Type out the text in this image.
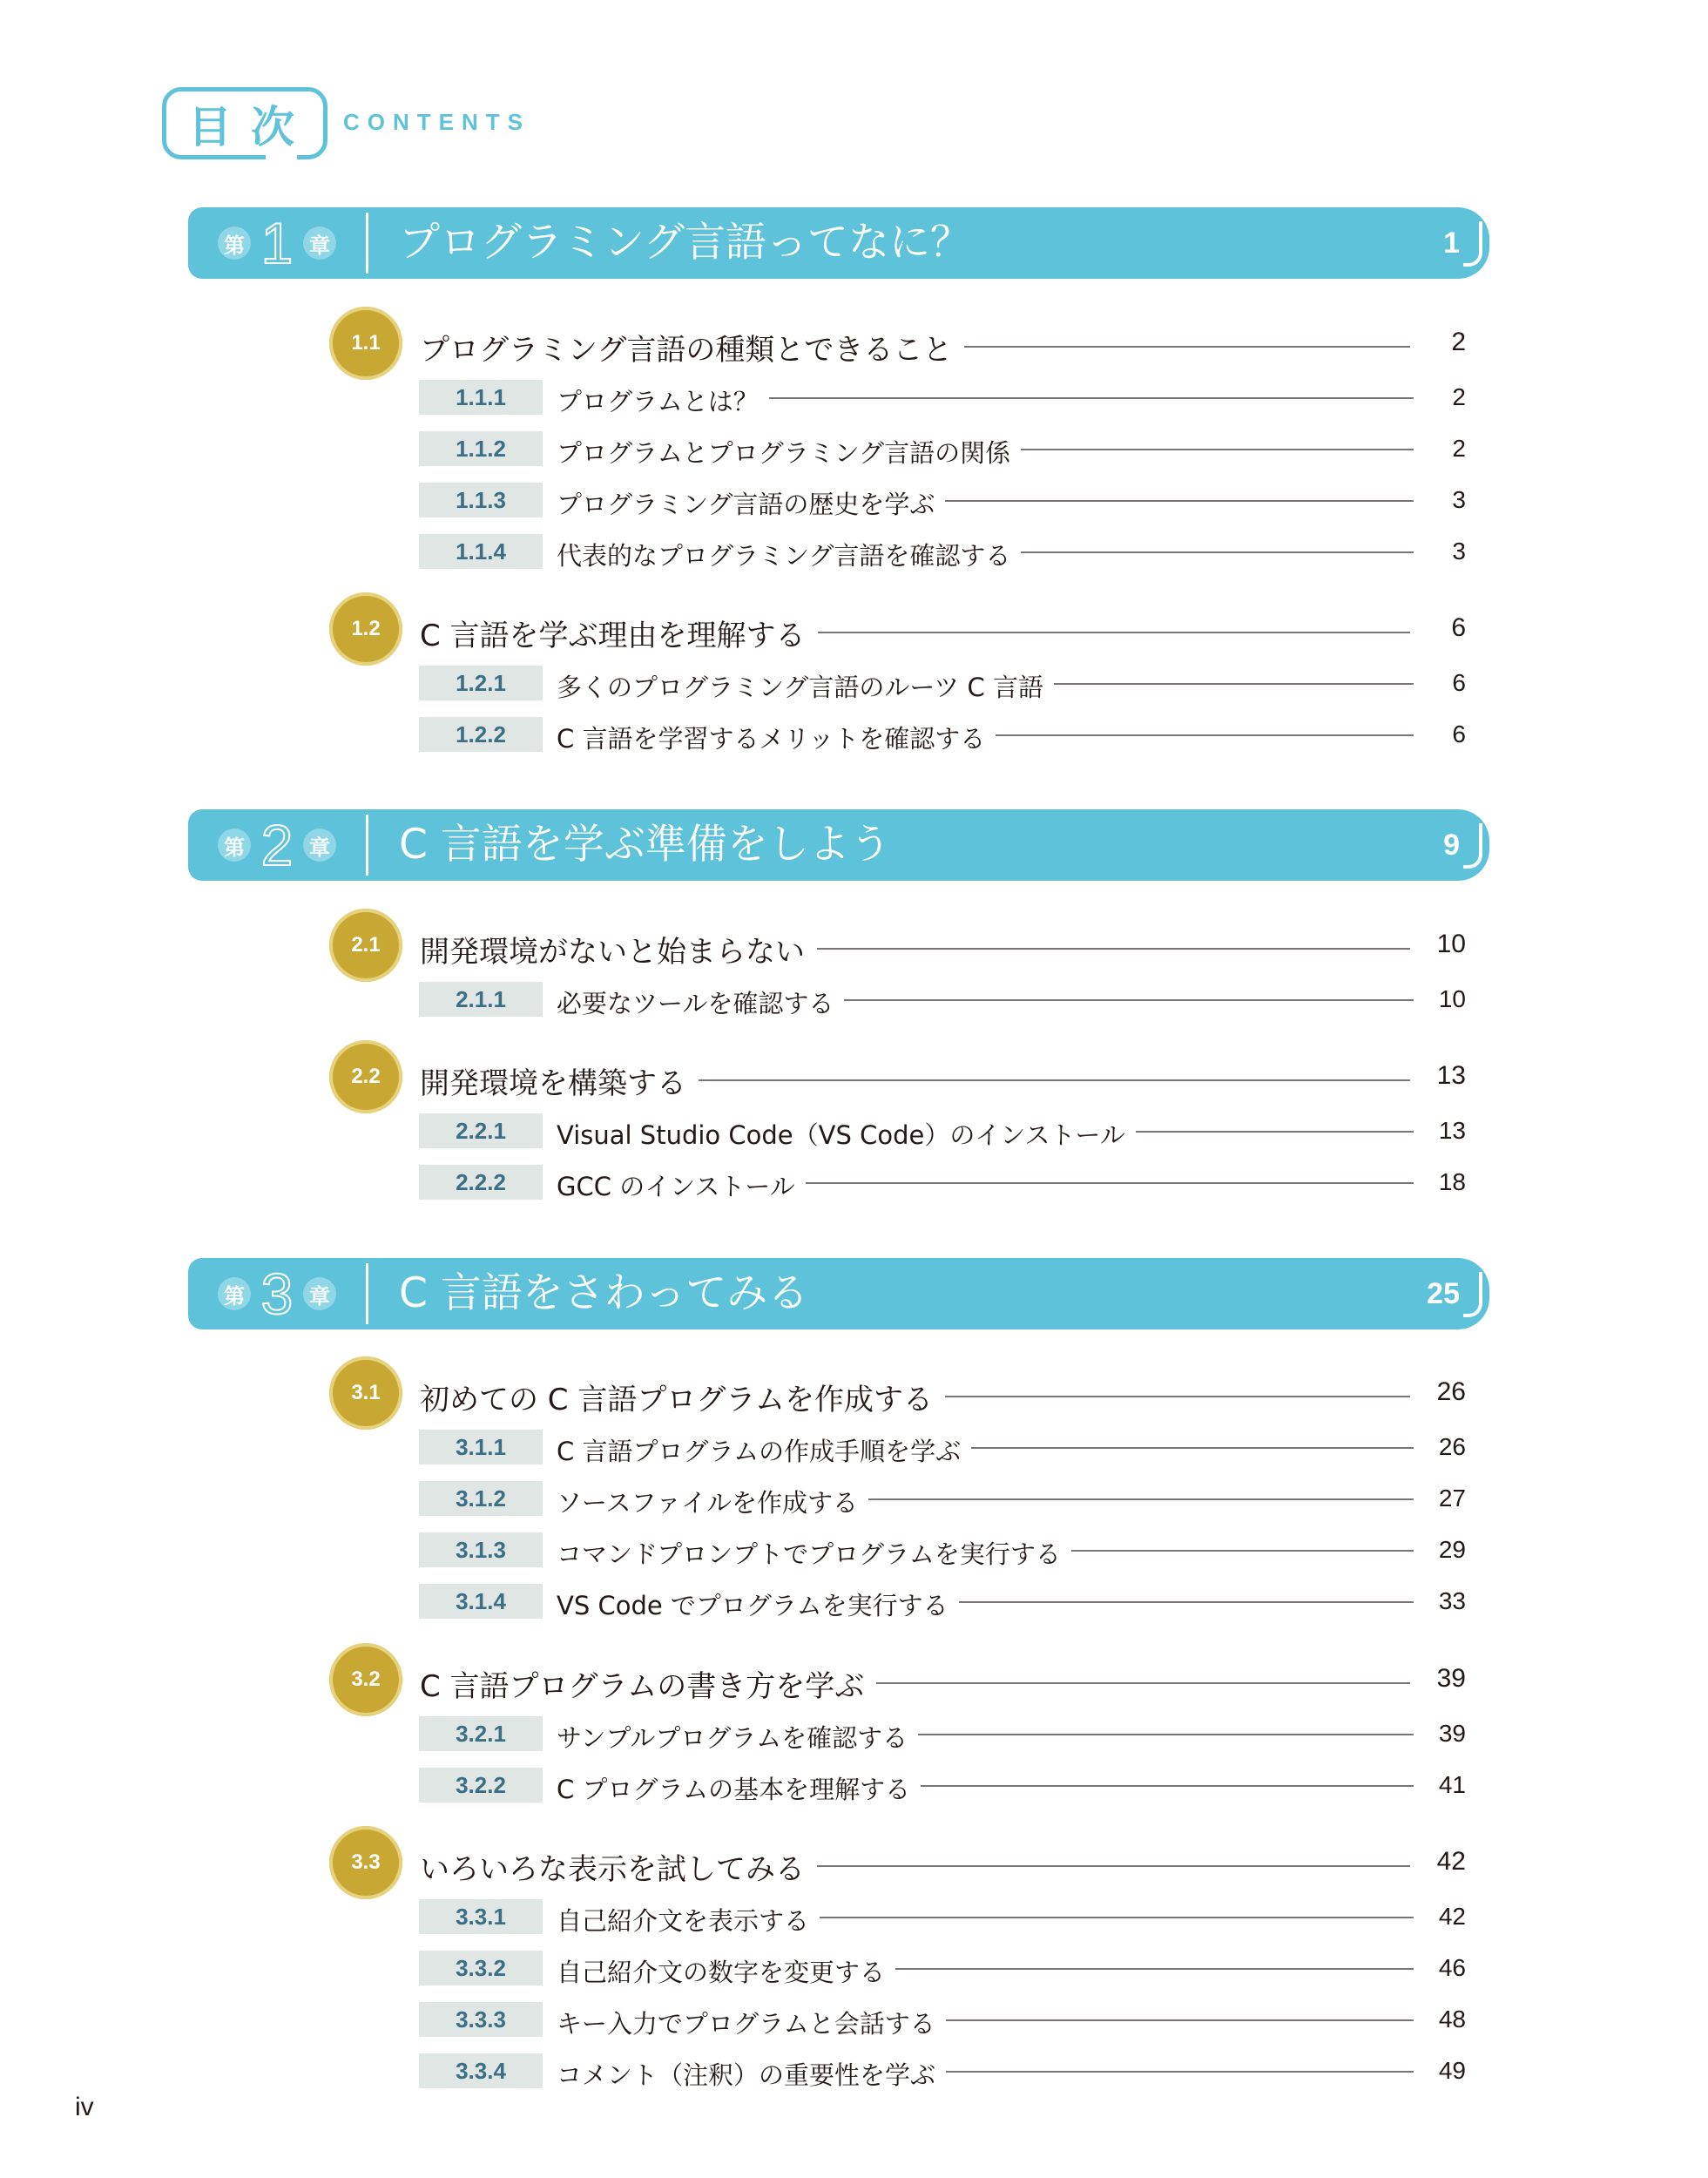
目次	CONTENTS
第 1 章 プログラミング言語ってなに？	1
1.1	プログラミング言語の種類とできること	2
1.1.1	プログラムとは？	2
1.1.2	プログラムとプログラミング言語の関係	2
1.1.3	プログラミング言語の歴史を学ぶ	3
1.1.4	代表的なプログラミング言語を確認する	3
1.2	C 言語を学ぶ理由を理解する	6
1.2.1	多くのプログラミング言語のルーツ C 言語	6
1.2.2	C 言語を学習するメリットを確認する	6
第 2 章 C 言語を学ぶ準備をしよう	9
2.1	開発環境がないと始まらない	10
2.1.1	必要なツールを確認する	10
2.2	開発環境を構築する	13
2.2.1	Visual Studio Code（VS Code）のインストール	13
2.2.2	GCC のインストール	18
第 3 章 C 言語をさわってみる	25
3.1	初めての C 言語プログラムを作成する	26
3.1.1	C 言語プログラムの作成手順を学ぶ	26
3.1.2	ソースファイルを作成する	27
3.1.3	コマンドプロンプトでプログラムを実行する	29
3.1.4	VS Code でプログラムを実行する	33
3.2	C 言語プログラムの書き方を学ぶ	39
3.2.1	サンプルプログラムを確認する	39
3.2.2	C プログラムの基本を理解する	41
3.3	いろいろな表示を試してみる	42
3.3.1	自己紹介文を表示する	42
3.3.2	自己紹介文の数字を変更する	46
3.3.3	キー入力でプログラムと会話する	48
3.3.4	コメント（注釈）の重要性を学ぶ	49
iv
